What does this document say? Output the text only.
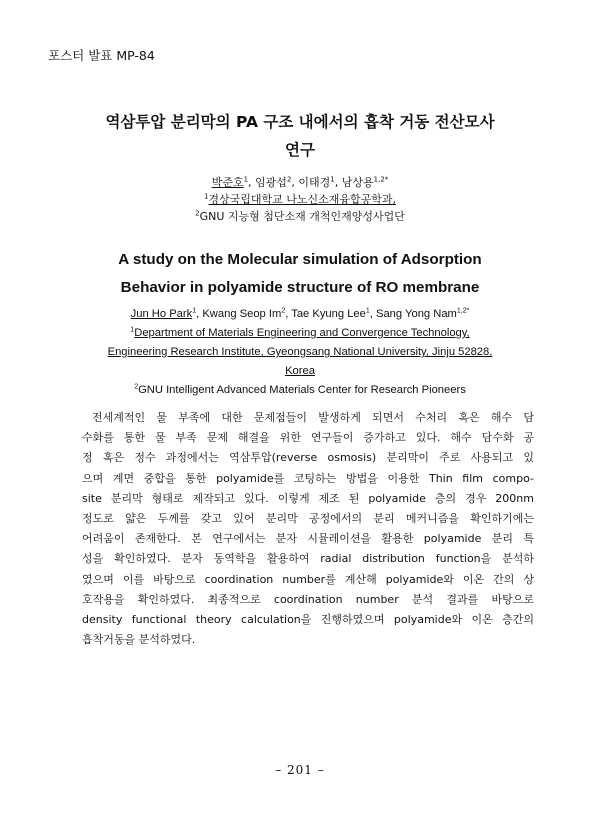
포스터 발표 MP-84
역삼투압 분리막의 PA 구조 내에서의 흡착 거동 전산모사
연구
박준호$^1$, 임광섭$^2$, 이태경$^1$, 남상용$^{1,2*}$
$^1$경상국립대학교 나노신소재융합공학과,
$^2$GNU 지능형 첨단소재 개척인재양성사업단
A study on the Molecular simulation of Adsorption
Behavior in polyamide structure of RO membrane
Jun Ho Park$^1$, Kwang Seop Im$^2$, Tae Kyung Lee$^1$, Sang Yong Nam$^{1,2*}$
$^1$Department of Materials Engineering and Convergence Technology,
Engineering Research Institute, Gyeongsang National University, Jinju 52828,
Korea
$^2$GNU Intelligent Advanced Materials Center for Research Pioneers
전세계적인 물 부족에 대한 문제점들이 발생하게 되면서 수처리 혹은 해수 담
수화를 통한 물 부족 문제 해결을 위한 연구들이 증가하고 있다. 해수 담수화 공
정 혹은 정수 과정에서는 역삼투압(reverse osmosis) 분리막이 주로 사용되고 있
으며 계면 중합을 통한 polyamide를 코팅하는 방법을 이용한 Thin film compo-
site 분리막 형태로 제작되고 있다. 이렇게 제조 된 polyamide 층의 경우 200nm
정도로 얇은 두께를 갖고 있어 분리막 공정에서의 분리 메커니즘을 확인하기에는
어려움이 존재한다. 본 연구에서는 분자 시뮬레이션을 활용한 polyamide 분리 특
성을 확인하였다. 분자 동역학을 활용하여 radial distribution function을 분석하
였으며 이를 바탕으로 coordination number를 계산해 polyamide와 이온 간의 상
호작용을 확인하였다. 최종적으로 coordination number 분석 결과를 바탕으로
density functional theory calculation을 진행하였으며 polyamide와 이온 층간의
흡착거동을 분석하였다.
– 201 –
